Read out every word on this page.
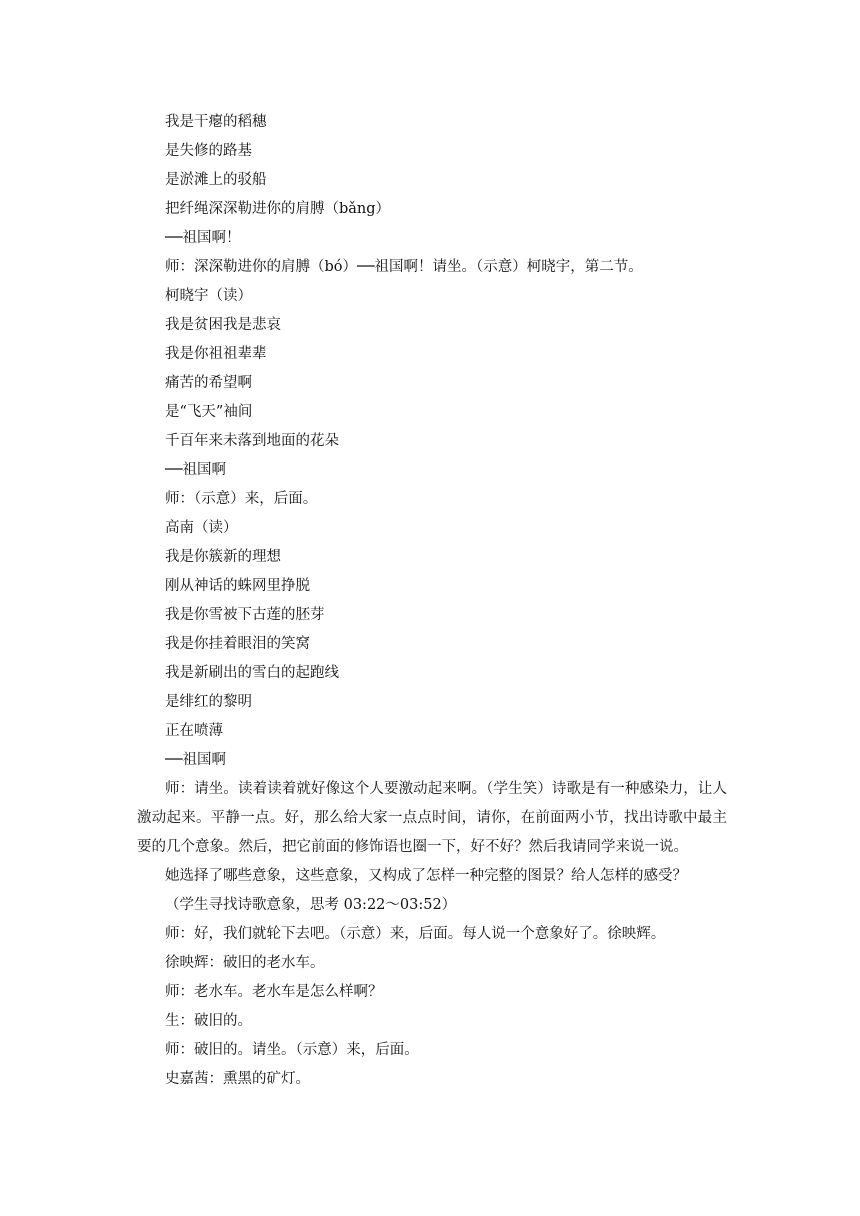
我是干瘪的稻穗
是失修的路基
是淤滩上的驳船
把纤绳深深勒进你的肩膊（bǎng）
──祖国啊！
师：深深勒进你的肩膊（bó）──祖国啊！请坐。（示意）柯晓宇，第二节。
柯晓宇（读）
我是贫困我是悲哀
我是你祖祖辈辈
痛苦的希望啊
是“飞天”袖间
千百年来未落到地面的花朵
──祖国啊
师：（示意）来，后面。
高南（读）
我是你簇新的理想
刚从神话的蛛网里挣脱
我是你雪被下古莲的胚芽
我是你挂着眼泪的笑窝
我是新刷出的雪白的起跑线
是绯红的黎明
正在喷薄
──祖国啊

师：请坐。读着读着就好像这个人要激动起来啊。（学生笑）诗歌是有一种感染力，让人激动起来。平静一点。好，那么给大家一点点时间，请你，在前面两小节，找出诗歌中最主要的几个意象。然后，把它前面的修饰语也圈一下，好不好？然后我请同学来说一说。

她选择了哪些意象，这些意象，又构成了怎样一种完整的图景？给人怎样的感受？

（学生寻找诗歌意象，思考 03:22～03:52）
师：好，我们就轮下去吧。（示意）来，后面。每人说一个意象好了。徐映辉。
徐映辉：破旧的老水车。
师：老水车。老水车是怎么样啊？
生：破旧的。
师：破旧的。请坐。（示意）来，后面。
史嘉茜：熏黑的矿灯。
